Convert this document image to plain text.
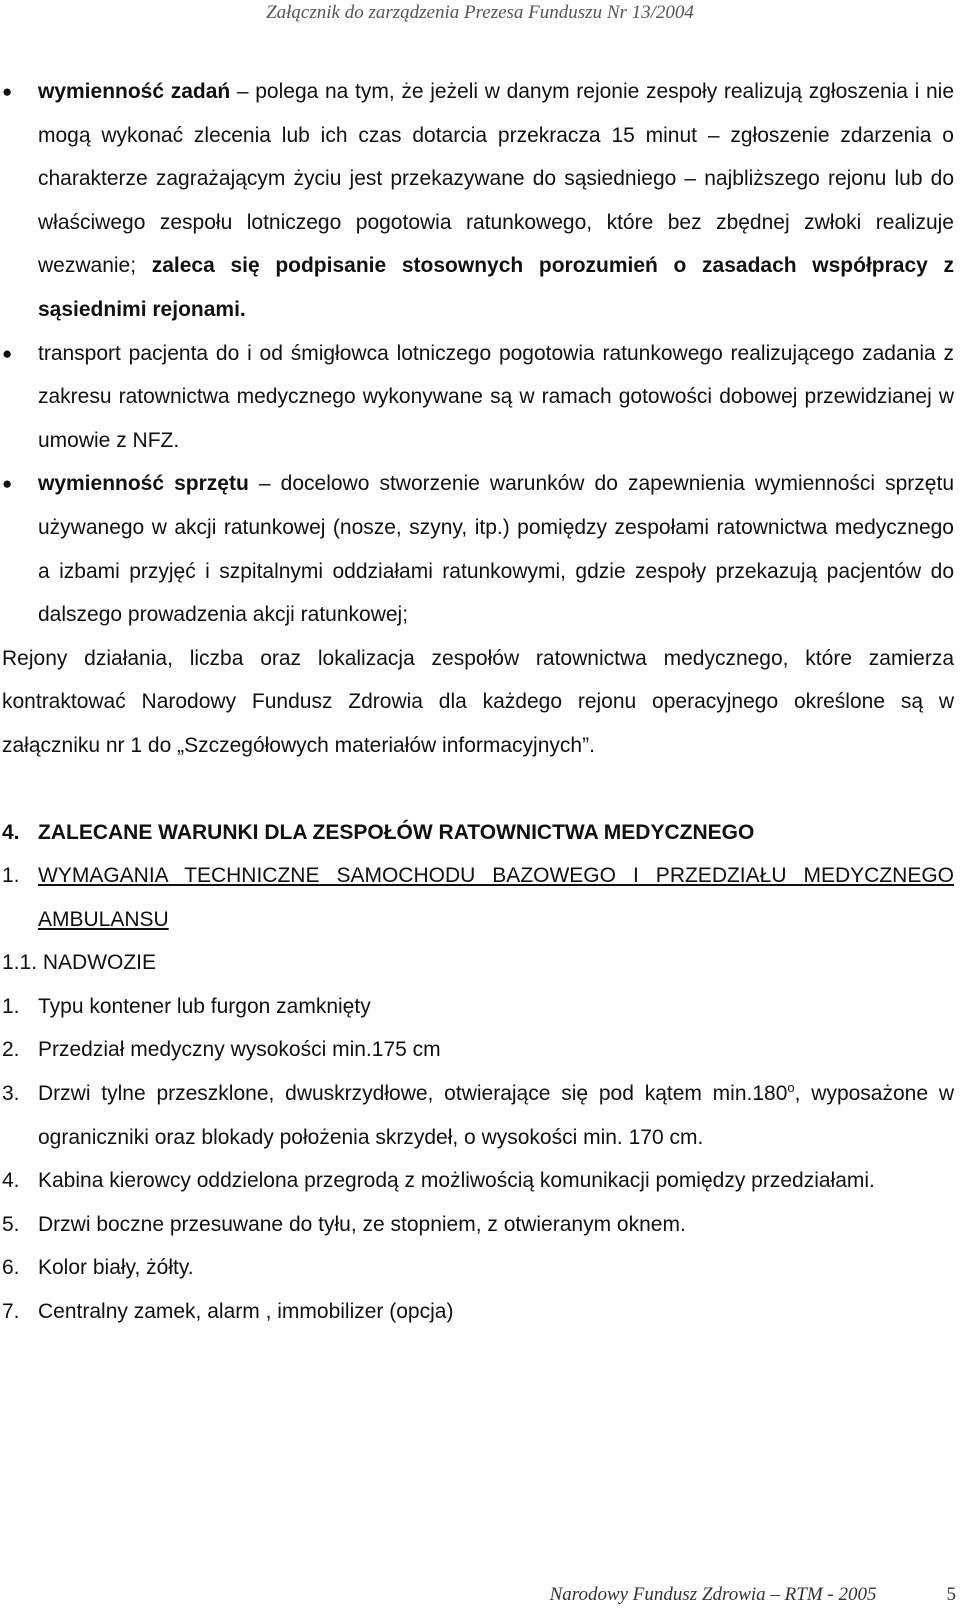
Załącznik do zarządzenia Prezesa Funduszu Nr 13/2004
● wymienność zadań – polega na tym, że jeżeli w danym rejonie zespoły realizują zgłoszenia i nie mogą wykonać zlecenia lub ich czas dotarcia przekracza 15 minut – zgłoszenie zdarzenia o charakterze zagrażającym życiu jest przekazywane do sąsiedniego – najbliższego rejonu lub do właściwego zespołu lotniczego pogotowia ratunkowego, które bez zbędnej zwłoki realizuje wezwanie; zaleca się podpisanie stosownych porozumień o zasadach współpracy z sąsiednimi rejonami.
● transport pacjenta do i od śmigłowca lotniczego pogotowia ratunkowego realizującego zadania z zakresu ratownictwa medycznego wykonywane są w ramach gotowości dobowej przewidzianej w umowie z NFZ.
● wymienność sprzętu – docelowo stworzenie warunków do zapewnienia wymienności sprzętu używanego w akcji ratunkowej (nosze, szyny, itp.) pomiędzy zespołami ratownictwa medycznego a izbami przyjęć i szpitalnymi oddziałami ratunkowymi, gdzie zespoły przekazują pacjentów do dalszego prowadzenia akcji ratunkowej;
Rejony działania, liczba oraz lokalizacja zespołów ratownictwa medycznego, które zamierza kontraktować Narodowy Fundusz Zdrowia dla każdego rejonu operacyjnego określone są w załączniku nr 1 do „Szczegółowych materiałów informacyjnych”.
4. ZALECANE WARUNKI DLA ZESPOŁÓW RATOWNICTWA MEDYCZNEGO
1. WYMAGANIA TECHNICZNE SAMOCHODU BAZOWEGO I PRZEDZIAŁU MEDYCZNEGO AMBULANSU
1.1. NADWOZIE
1. Typu kontener lub furgon zamknięty
2. Przedział medyczny wysokości min.175 cm
3. Drzwi tylne przeszklone, dwuskrzydłowe, otwierające się pod kątem min.180$^o$, wyposażone w ograniczniki oraz blokady położenia skrzydeł, o wysokości min. 170 cm.
4. Kabina kierowcy oddzielona przegrodą z możliwością komunikacji pomiędzy przedziałami.
5. Drzwi boczne przesuwane do tyłu, ze stopniem, z otwieranym oknem.
6. Kolor biały, żółty.
7. Centralny zamek, alarm , immobilizer (opcja)
Narodowy Fundusz Zdrowia – RTM - 2005	5
